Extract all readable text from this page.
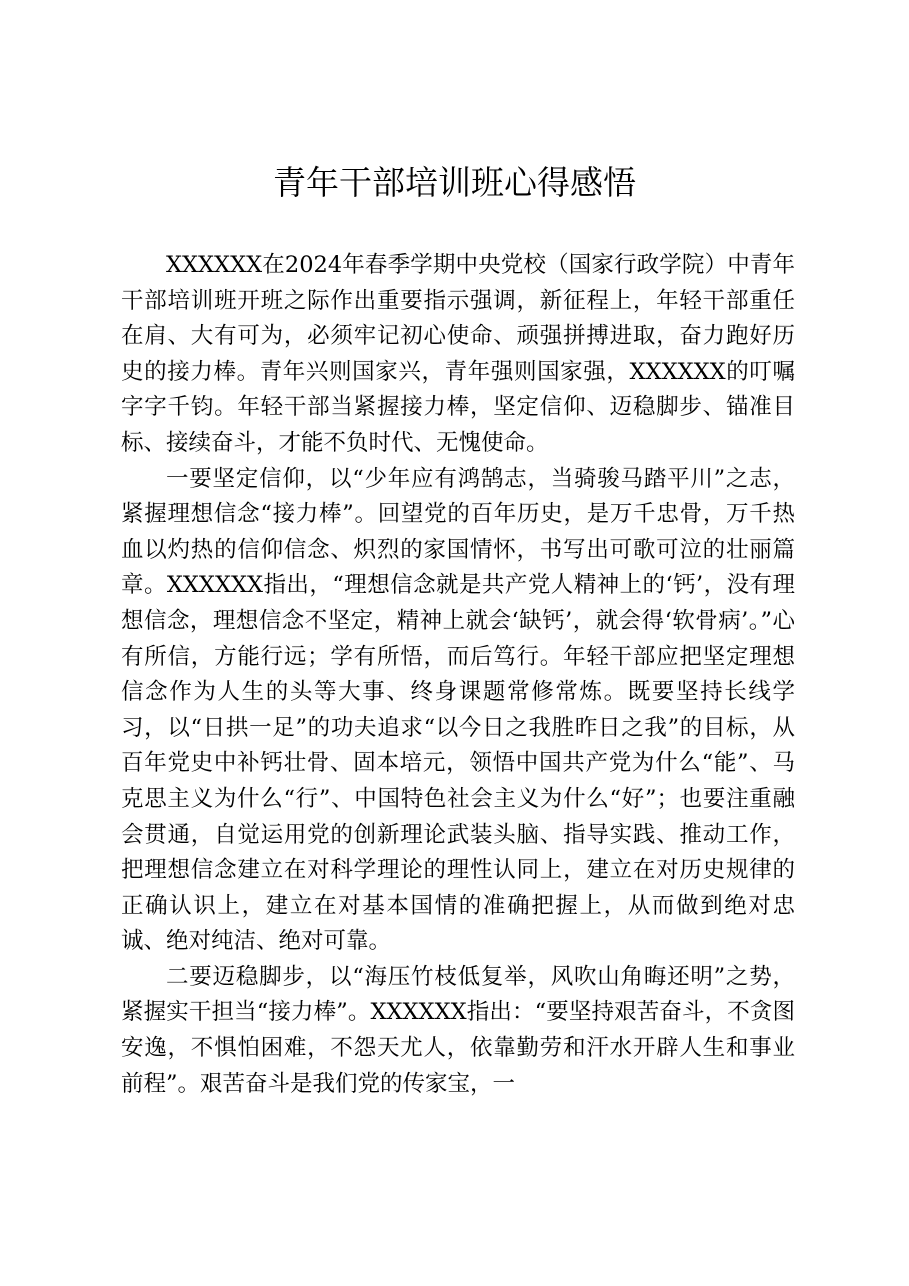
青年干部培训班心得感悟

XXXXXX在2024年春季学期中央党校（国家行政学院）中青年干部培训班开班之际作出重要指示强调，新征程上，年轻干部重任在肩、大有可为，必须牢记初心使命、顽强拼搏进取，奋力跑好历史的接力棒。青年兴则国家兴，青年强则国家强，XXXXXX的叮嘱字字千钧。年轻干部当紧握接力棒，坚定信仰、迈稳脚步、锚准目标、接续奋斗，才能不负时代、无愧使命。

一要坚定信仰，以“少年应有鸿鹄志，当骑骏马踏平川”之志，紧握理想信念“接力棒”。回望党的百年历史，是万千忠骨，万千热血以灼热的信仰信念、炽烈的家国情怀，书写出可歌可泣的壮丽篇章。XXXXXX指出，“理想信念就是共产党人精神上的‘钙’，没有理想信念，理想信念不坚定，精神上就会‘缺钙’，就会得‘软骨病’。”心有所信，方能行远；学有所悟，而后笃行。年轻干部应把坚定理想信念作为人生的头等大事、终身课题常修常炼。既要坚持长线学习，以“日拱一足”的功夫追求“以今日之我胜昨日之我”的目标，从百年党史中补钙壮骨、固本培元，领悟中国共产党为什么“能”、马克思主义为什么“行”、中国特色社会主义为什么“好”；也要注重融会贯通，自觉运用党的创新理论武装头脑、指导实践、推动工作，把理想信念建立在对科学理论的理性认同上，建立在对历史规律的正确认识上，建立在对基本国情的准确把握上，从而做到绝对忠诚、绝对纯洁、绝对可靠。

二要迈稳脚步，以“海压竹枝低复举，风吹山角晦还明”之势，紧握实干担当“接力棒”。XXXXXX指出：“要坚持艰苦奋斗，不贪图安逸，不惧怕困难，不怨天尤人，依靠勤劳和汗水开辟人生和事业前程”。艰苦奋斗是我们党的传家宝，一
